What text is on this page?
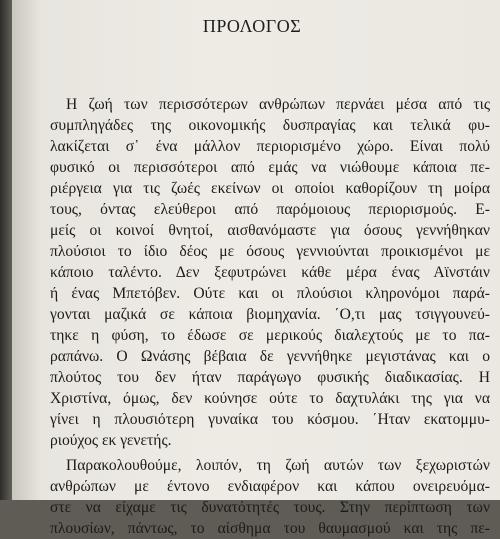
ΠΡΟΛΟΓΟΣ
Η ζωή των περισσότερων ανθρώπων περνάει μέσα από τις
συμπληγάδες της οικονομικής δυσπραγίας και τελικά φυ-
λακίζεται σ᾽ ένα μάλλον περιορισμένο χώρο. Είναι πολύ
φυσικό οι περισσότεροι από εμάς να νιώθουμε κάποια πε-
ριέργεια για τις ζωές εκείνων οι οποίοι καθορίζουν τη μοίρα
τους, όντας ελεύθεροι από παρόμοιους περιορισμούς. Ε-
μείς οι κοινοί θνητοί, αισθανόμαστε για όσους γεννήθηκαν
πλούσιοι το ίδιο δέος με όσους γεννιούνται προικισμένοι με
κάποιο ταλέντο. Δεν ξεφυτρώνει κάθε μέρα ένας Αϊνστάιν
ή ένας Μπετόβεν. Ούτε και οι πλούσιοι κληρονόμοι παρά-
γονται μαζικά σε κάποια βιομηχανία. ΄Ο,τι μας τσιγγουνεύ-
τηκε η φύση, το έδωσε σε μερικούς διαλεχτούς με το πα-
ραπάνω. Ο Ωνάσης βέβαια δε γεννήθηκε μεγιστάνας και ο
πλούτος του δεν ήταν παράγωγο φυσικής διαδικασίας. Η
Χριστίνα, όμως, δεν κούνησε ούτε το δαχτυλάκι της για να
γίνει η πλουσιότερη γυναίκα του κόσμου. ΄Ηταν εκατομμυ-
ριούχος εκ γενετής.
Παρακολουθούμε, λοιπόν, τη ζωή αυτών των ξεχωριστών
ανθρώπων με έντονο ενδιαφέρον και κάπου ονειρευόμα-
στε να είχαμε τις δυνατότητές τους. Στην περίπτωση των
πλουσίων, πάντως, το αίσθημα του θαυμασμού και της πε-
